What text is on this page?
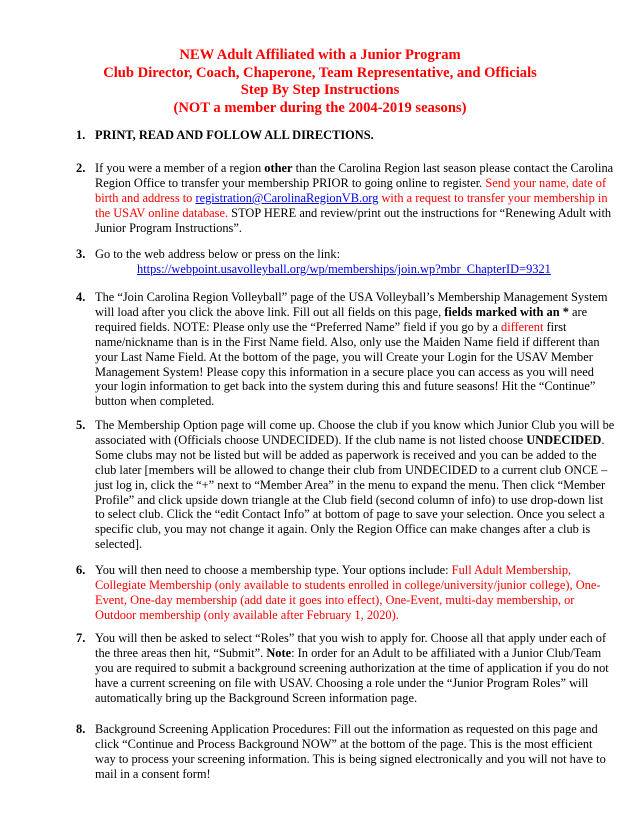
NEW Adult Affiliated with a Junior Program
Club Director, Coach, Chaperone, Team Representative, and Officials
Step By Step Instructions
(NOT a member during the 2004-2019 seasons)
1. PRINT, READ AND FOLLOW ALL DIRECTIONS.
2. If you were a member of a region other than the Carolina Region last season please contact the Carolina Region Office to transfer your membership PRIOR to going online to register. Send your name, date of birth and address to registration@CarolinaRegionVB.org with a request to transfer your membership in the USAV online database. STOP HERE and review/print out the instructions for “Renewing Adult with Junior Program Instructions”.
3. Go to the web address below or press on the link:
https://webpoint.usavolleyball.org/wp/memberships/join.wp?mbr_ChapterID=9321
4. The “Join Carolina Region Volleyball” page of the USA Volleyball’s Membership Management System will load after you click the above link. Fill out all fields on this page, fields marked with an * are required fields. NOTE: Please only use the “Preferred Name” field if you go by a different first name/nickname than is in the First Name field. Also, only use the Maiden Name field if different than your Last Name Field. At the bottom of the page, you will Create your Login for the USAV Member Management System! Please copy this information in a secure place you can access as you will need your login information to get back into the system during this and future seasons! Hit the “Continue” button when completed.
5. The Membership Option page will come up. Choose the club if you know which Junior Club you will be associated with (Officials choose UNDECIDED). If the club name is not listed choose UNDECIDED. Some clubs may not be listed but will be added as paperwork is received and you can be added to the club later [members will be allowed to change their club from UNDECIDED to a current club ONCE – just log in, click the “+” next to “Member Area” in the menu to expand the menu. Then click “Member Profile” and click upside down triangle at the Club field (second column of info) to use drop-down list to select club. Click the “edit Contact Info” at bottom of page to save your selection. Once you select a specific club, you may not change it again. Only the Region Office can make changes after a club is selected].
6. You will then need to choose a membership type. Your options include: Full Adult Membership, Collegiate Membership (only available to students enrolled in college/university/junior college), One-Event, One-day membership (add date it goes into effect), One-Event, multi-day membership, or Outdoor membership (only available after February 1, 2020).
7. You will then be asked to select “Roles” that you wish to apply for. Choose all that apply under each of the three areas then hit, “Submit”. Note: In order for an Adult to be affiliated with a Junior Club/Team you are required to submit a background screening authorization at the time of application if you do not have a current screening on file with USAV. Choosing a role under the “Junior Program Roles” will automatically bring up the Background Screen information page.
8. Background Screening Application Procedures: Fill out the information as requested on this page and click “Continue and Process Background NOW” at the bottom of the page. This is the most efficient way to process your screening information. This is being signed electronically and you will not have to mail in a consent form!
